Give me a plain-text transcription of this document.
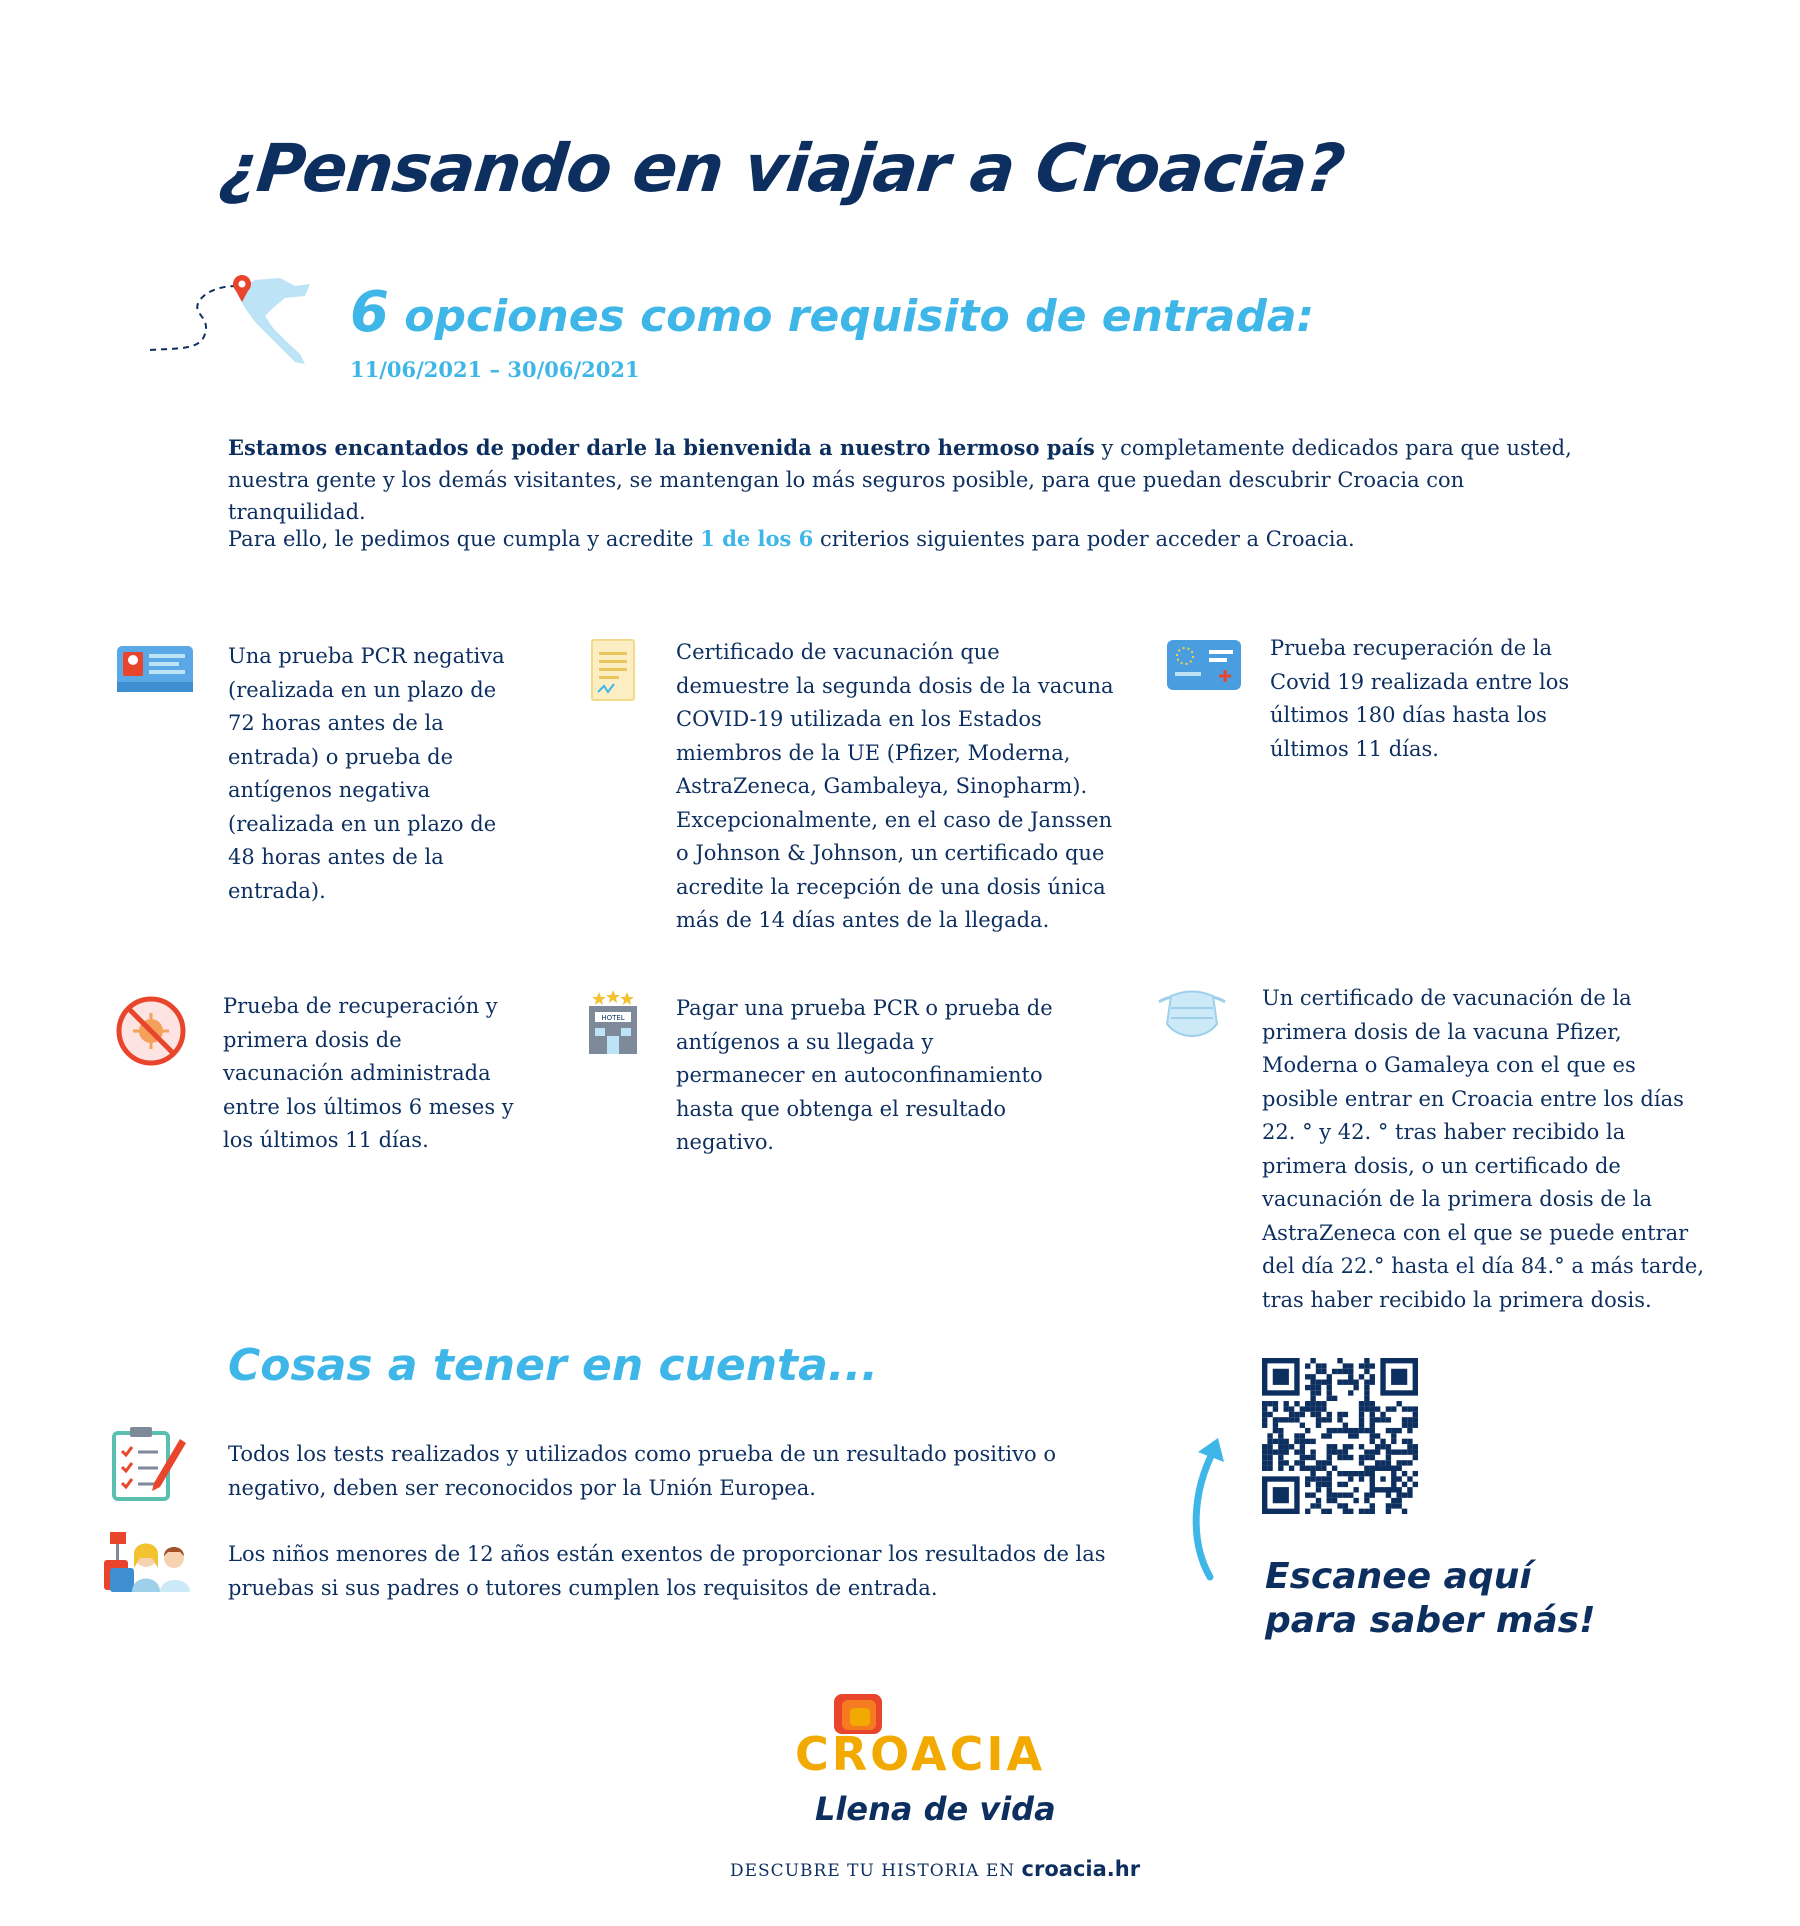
¿Pensando en viajar a Croacia?
6 opciones como requisito de entrada:
11/06/2021 – 30/06/2021
Estamos encantados de poder darle la bienvenida a nuestro hermoso país y completamente dedicados para que usted, nuestra gente y los demás visitantes, se mantengan lo más seguros posible, para que puedan descubrir Croacia con tranquilidad.
Para ello, le pedimos que cumpla y acredite 1 de los 6 criterios siguientes para poder acceder a Croacia.
Una prueba PCR negativa (realizada en un plazo de 72 horas antes de la entrada) o prueba de antígenos negativa (realizada en un plazo de 48 horas antes de la entrada).
Certificado de vacunación que demuestre la segunda dosis de la vacuna COVID-19 utilizada en los Estados miembros de la UE (Pfizer, Moderna, AstraZeneca, Gambaleya, Sinopharm). Excepcionalmente, en el caso de Janssen o Johnson & Johnson, un certificado que acredite la recepción de una dosis única más de 14 días antes de la llegada.
Prueba recuperación de la Covid 19 realizada entre los últimos 180 días hasta los últimos 11 días.
Prueba de recuperación y primera dosis de vacunación administrada entre los últimos 6 meses y los últimos 11 días.
HOTEL Pagar una prueba PCR o prueba de antígenos a su llegada y permanecer en autoconfinamiento hasta que obtenga el resultado negativo.
Un certificado de vacunación de la primera dosis de la vacuna Pfizer, Moderna o Gamaleya con el que es posible entrar en Croacia entre los días 22. ° y 42. ° tras haber recibido la primera dosis, o un certificado de vacunación de la primera dosis de la AstraZeneca con el que se puede entrar del día 22.° hasta el día 84.° a más tarde, tras haber recibido la primera dosis.
Cosas a tener en cuenta...
Todos los tests realizados y utilizados como prueba de un resultado positivo o negativo, deben ser reconocidos por la Unión Europea.
Los niños menores de 12 años están exentos de proporcionar los resultados de las pruebas si sus padres o tutores cumplen los requisitos de entrada.	Escanee aquí para saber más!
CROACIA
Llena de vida
DESCUBRE TU HISTORIA EN croacia.hr
